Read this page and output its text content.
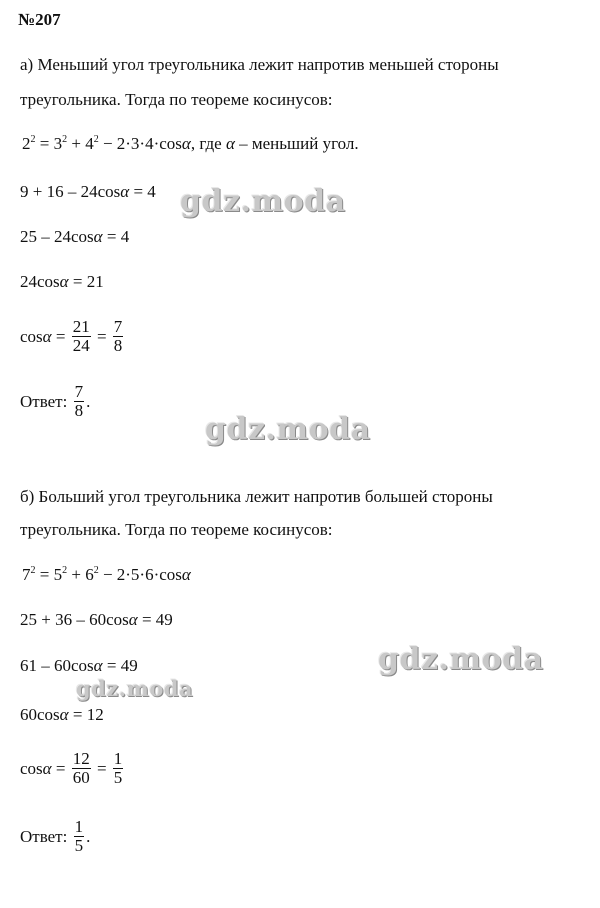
№207
а) Меньший угол треугольника лежит напротив меньшей стороны
треугольника. Тогда по теореме косинусов:
$2^2 = 3^2 + 4^2 - 2\cdot 3\cdot 4\cdot\cos\alpha$, где α – меньший угол.
9 + 16 – 24cosα = 4
25 – 24cosα = 4
24cosα = 21
$\cos \alpha = \frac{21}{24} = \frac{7}{8}$
Ответ:
$\frac{7}{8}$ .
б) Больший угол треугольника лежит напротив большей стороны
треугольника. Тогда по теореме косинусов:
$7^2 = 5^2 + 6^2 - 2\cdot 5\cdot 6\cdot\cos\alpha$
25 + 36 – 60cosα = 49
61 – 60cosα = 49
60cosα = 12
$\cos \alpha = \frac{12}{60} = \frac{1}{5}$
Ответ:
$\frac{1}{5}$ .
gdz.moda
gdz.moda
gdz.moda
gdz.moda
